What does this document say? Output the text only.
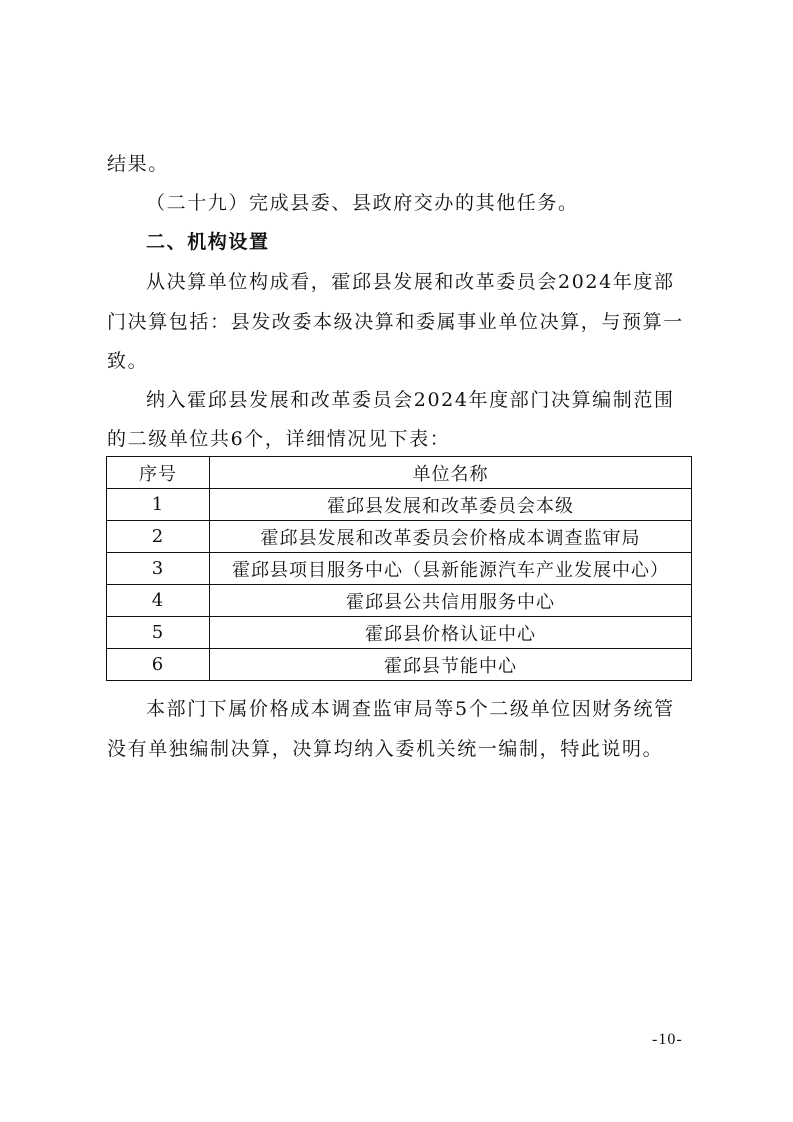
结果。
（二十九）完成县委、县政府交办的其他任务。
二、机构设置
从决算单位构成看，霍邱县发展和改革委员会2024年度部
门决算包括：县发改委本级决算和委属事业单位决算，与预算一
致。
纳入霍邱县发展和改革委员会2024年度部门决算编制范围
的二级单位共6个，详细情况见下表：
序号	单位名称
1	霍邱县发展和改革委员会本级
2	霍邱县发展和改革委员会价格成本调查监审局
3	霍邱县项目服务中心（县新能源汽车产业发展中心）
4	霍邱县公共信用服务中心
5	霍邱县价格认证中心
6	霍邱县节能中心
本部门下属价格成本调查监审局等5个二级单位因财务统管
没有单独编制决算，决算均纳入委机关统一编制，特此说明。
-10-
